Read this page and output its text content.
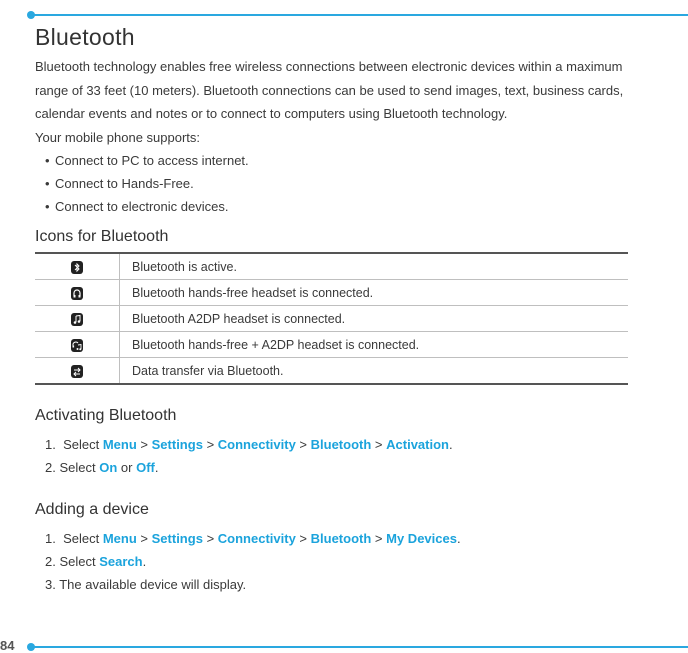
84
Bluetooth

Bluetooth technology enables free wireless connections between electronic devices within a maximum range of 33 feet (10 meters). Bluetooth connections can be used to send images, text, business cards, calendar events and notes or to connect to computers using Bluetooth technology.

Your mobile phone supports:

• Connect to PC to access internet.
• Connect to Hands-Free.
• Connect to electronic devices.
Icons for Bluetooth
	Bluetooth is active.

	Bluetooth hands-free headset is connected.

	Bluetooth A2DP headset is connected.

	Bluetooth hands-free + A2DP headset is connected.

	Data transfer via Bluetooth.
Activating Bluetooth
1. Select Menu > Settings > Connectivity > Bluetooth > Activation.
2. Select On or Off.
Adding a device
1. Select Menu > Settings > Connectivity > Bluetooth > My Devices.
2. Select Search.
3. The available device will display.
